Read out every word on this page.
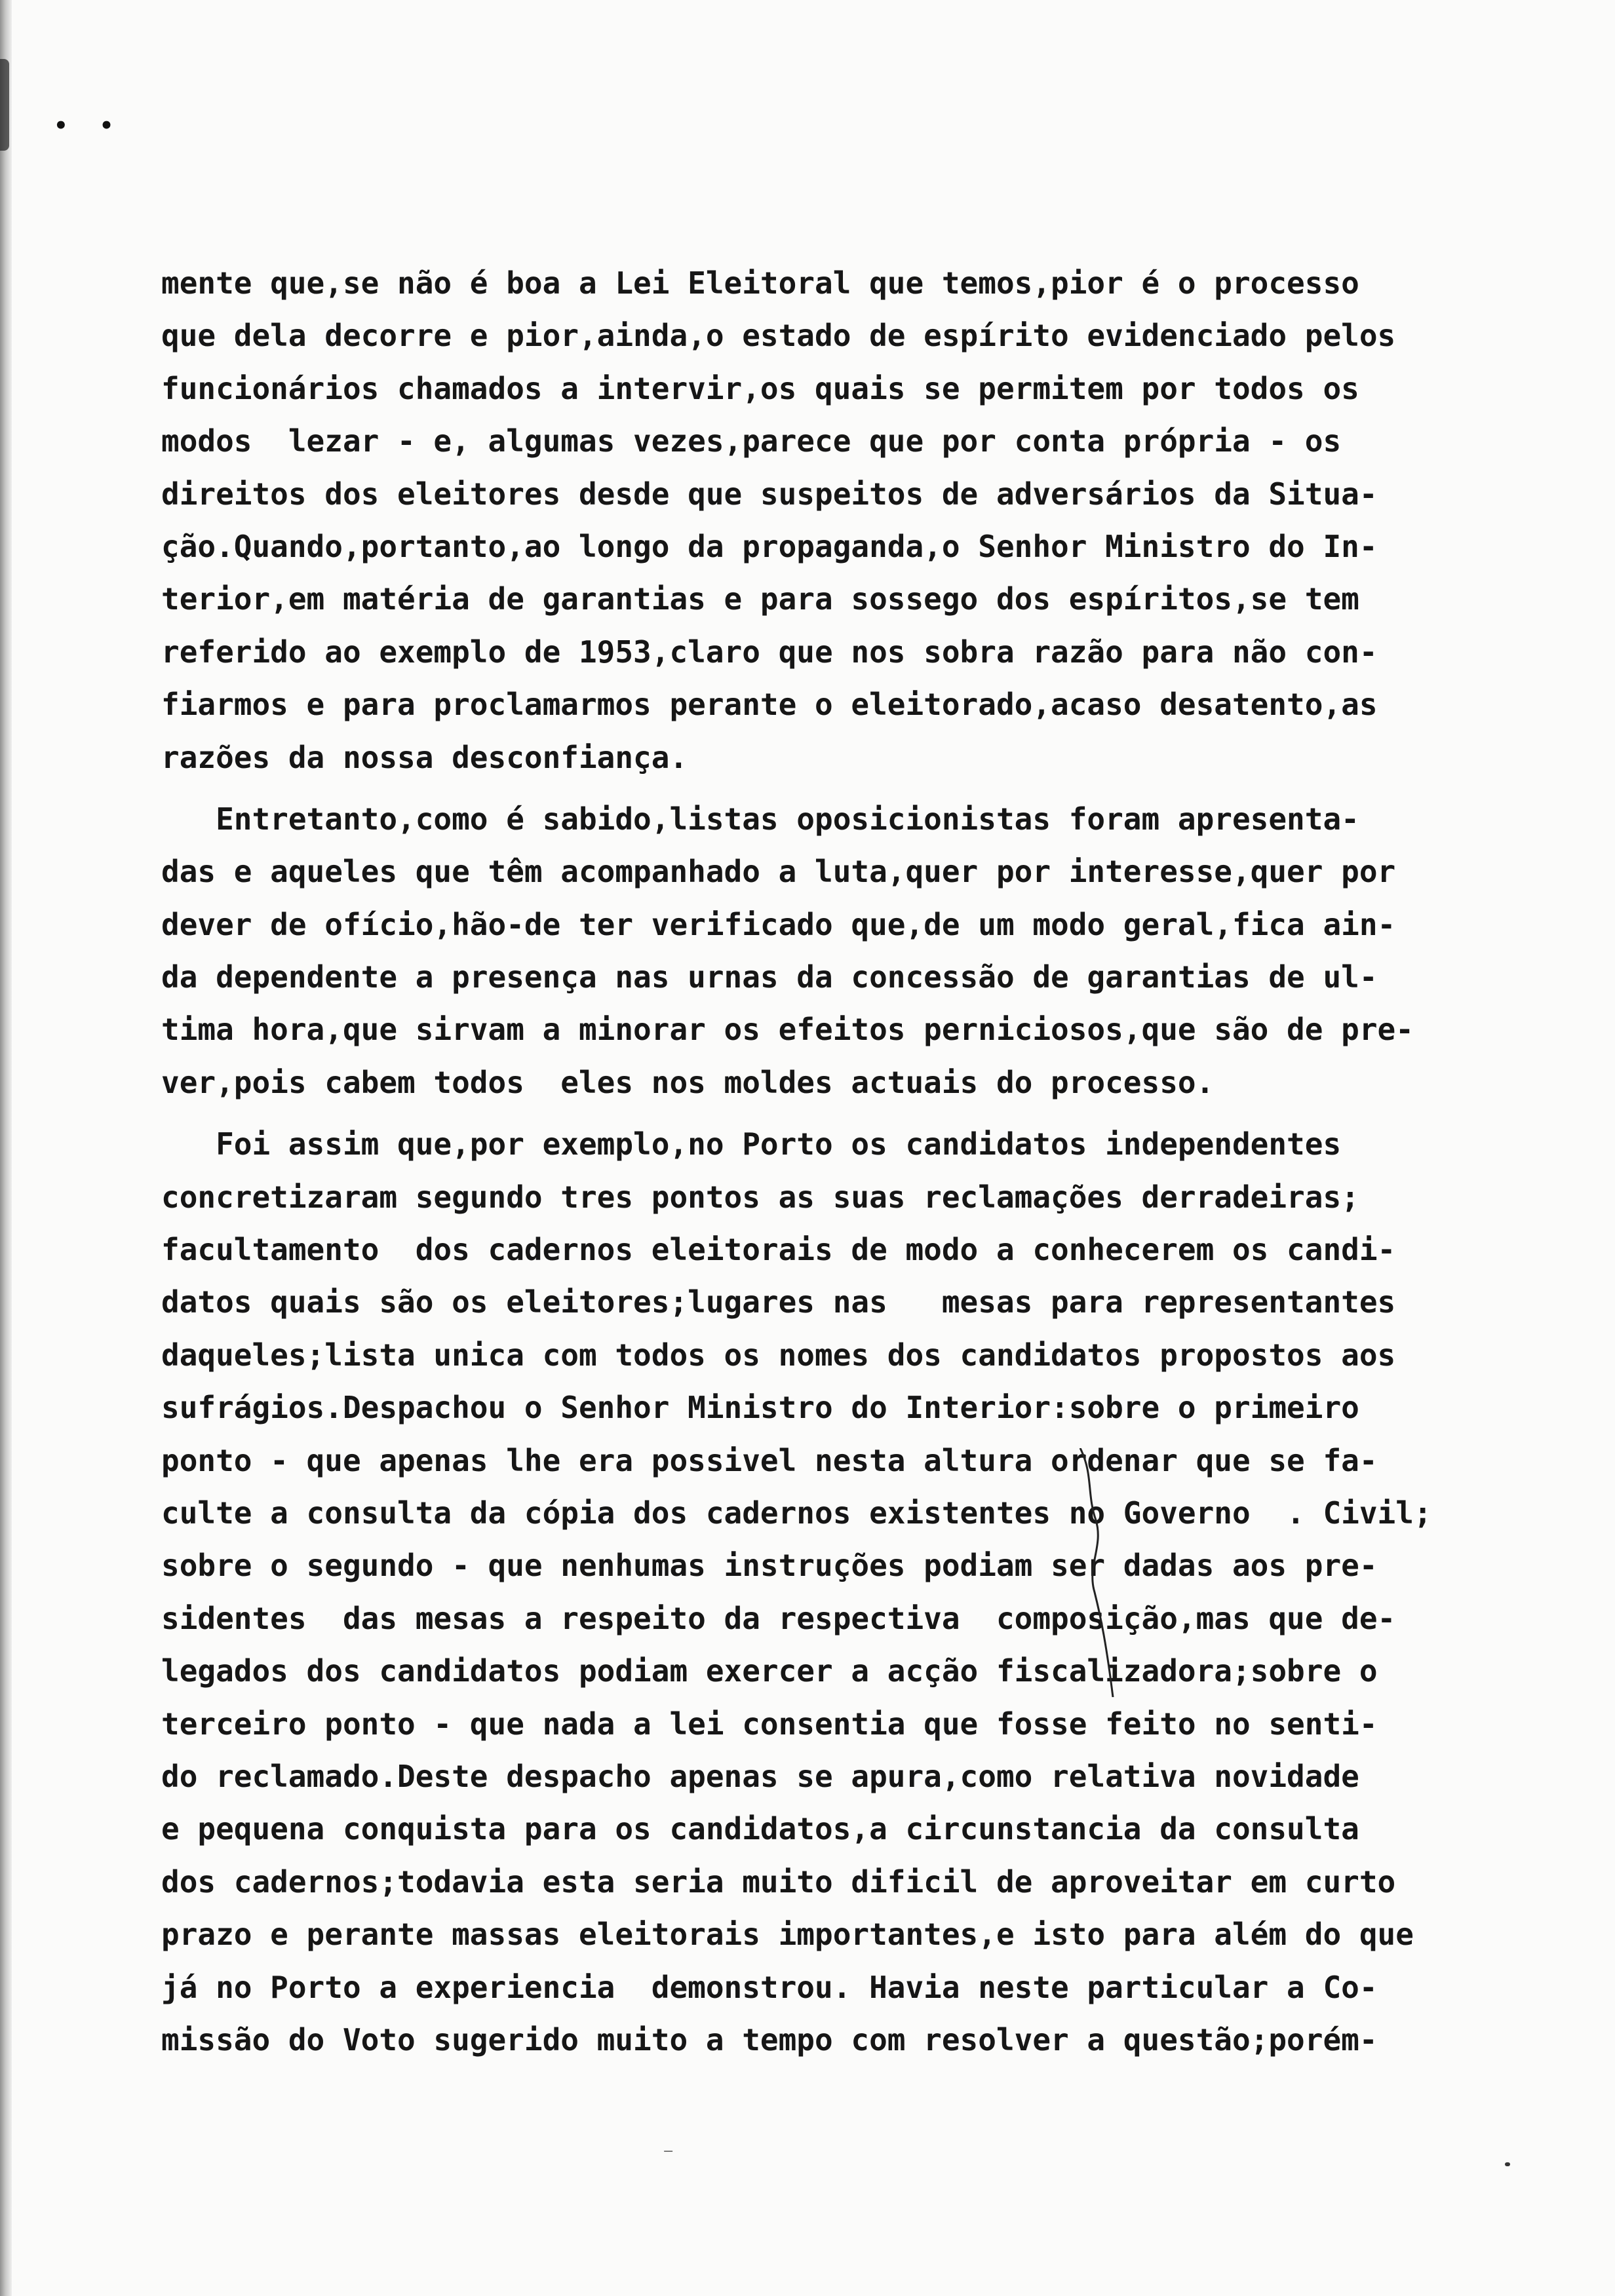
• •
mente que,se não é boa a Lei Eleitoral que temos,pior é o processo
que dela decorre e pior,ainda,o estado de espírito evidenciado pelos
funcionários chamados a intervir,os quais se permitem por todos os
modos  lezar - e, algumas vezes,parece que por conta própria - os
direitos dos eleitores desde que suspeitos de adversários da Situa-
ção.Quando,portanto,ao longo da propaganda,o Senhor Ministro do In-
terior,em matéria de garantias e para sossego dos espíritos,se tem
referido ao exemplo de 1953,claro que nos sobra razão para não con-
fiarmos e para proclamarmos perante o eleitorado,acaso desatento,as
razões da nossa desconfiança.
Entretanto,como é sabido,listas oposicionistas foram apresenta-
das e aqueles que têm acompanhado a luta,quer por interesse,quer por
dever de ofício,hão-de ter verificado que,de um modo geral,fica ain-
da dependente a presença nas urnas da concessão de garantias de ul-
tima hora,que sirvam a minorar os efeitos perniciosos,que são de pre-
ver,pois cabem todos  eles nos moldes actuais do processo.
Foi assim que,por exemplo,no Porto os candidatos independentes
concretizaram segundo tres pontos as suas reclamações derradeiras;
facultamento  dos cadernos eleitorais de modo a conhecerem os candi-
datos quais são os eleitores;lugares nas   mesas para representantes
daqueles;lista unica com todos os nomes dos candidatos propostos aos
sufrágios.Despachou o Senhor Ministro do Interior:sobre o primeiro
ponto - que apenas lhe era possivel nesta altura ordenar que se fa-
culte a consulta da cópia dos cadernos existentes no Governo  . Civil;
sobre o segundo - que nenhumas instruções podiam ser dadas aos pre-
sidentes  das mesas a respeito da respectiva  composição,mas que de-
legados dos candidatos podiam exercer a acção fiscalizadora;sobre o
terceiro ponto - que nada a lei consentia que fosse feito no senti-
do reclamado.Deste despacho apenas se apura,como relativa novidade
e pequena conquista para os candidatos,a circunstancia da consulta
dos cadernos;todavia esta seria muito dificil de aproveitar em curto
prazo e perante massas eleitorais importantes,e isto para além do que
já no Porto a experiencia  demonstrou. Havia neste particular a Co-
missão do Voto sugerido muito a tempo com resolver a questão;porém-
‒
